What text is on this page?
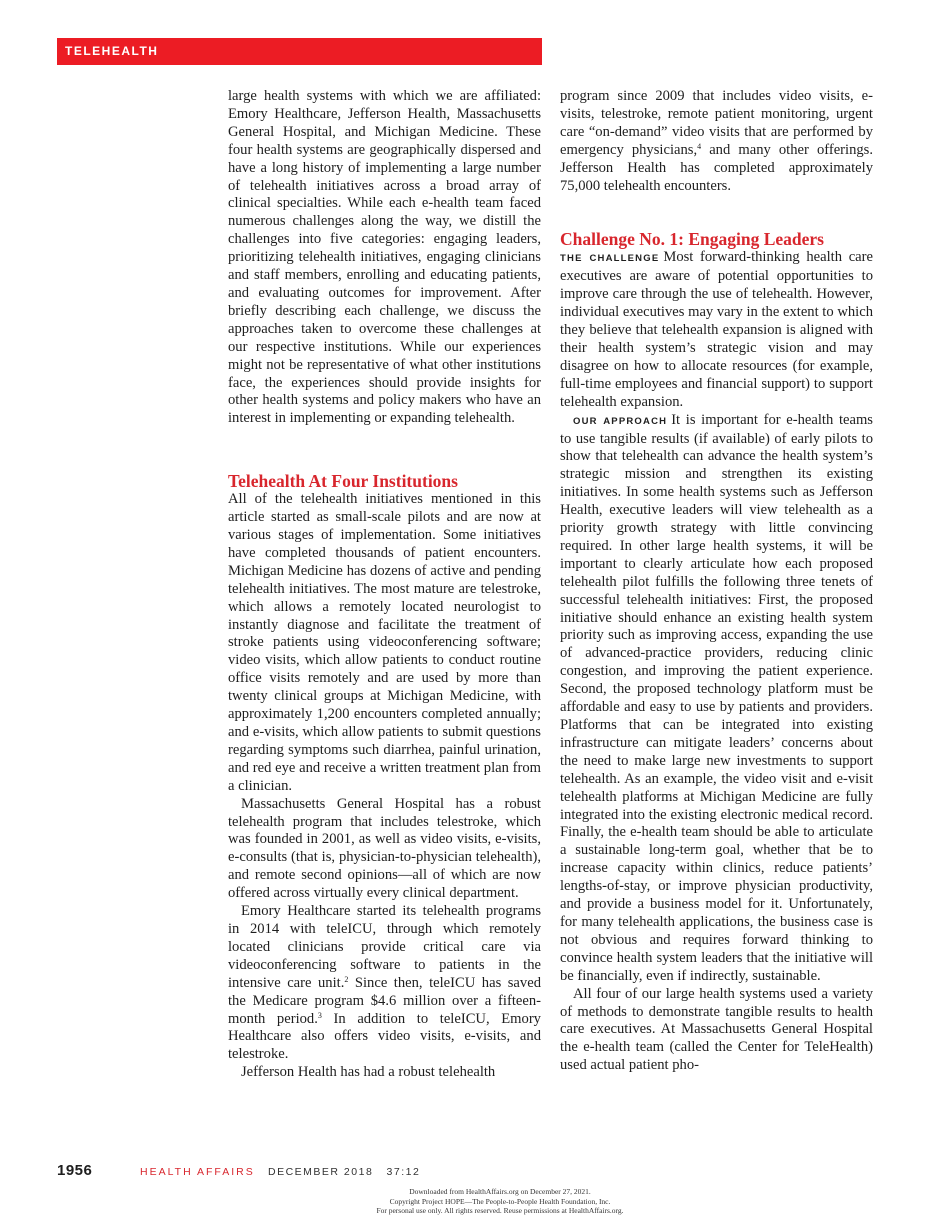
TELEHEALTH

large health systems with which we are affiliated: Emory Healthcare, Jefferson Health, Massachusetts General Hospital, and Michigan Medicine. These four health systems are geographically dispersed and have a long history of implementing a large number of telehealth initiatives across a broad array of clinical specialties. While each e-health team faced numerous challenges along the way, we distill the challenges into five categories: engaging leaders, prioritizing telehealth initiatives, engaging clinicians and staff members, enrolling and educating patients, and evaluating outcomes for improvement. After briefly describing each challenge, we discuss the approaches taken to overcome these challenges at our respective institutions. While our experiences might not be representative of what other institutions face, the experiences should provide insights for other health systems and policy makers who have an interest in implementing or expanding telehealth.

Telehealth At Four Institutions

All of the telehealth initiatives mentioned in this article started as small-scale pilots and are now at various stages of implementation. Some initiatives have completed thousands of patient encounters. Michigan Medicine has dozens of active and pending telehealth initiatives. The most mature are telestroke, which allows a remotely located neurologist to instantly diagnose and facilitate the treatment of stroke patients using videoconferencing software; video visits, which allow patients to conduct routine office visits remotely and are used by more than twenty clinical groups at Michigan Medicine, with approximately 1,200 encounters completed annually; and e-visits, which allow patients to submit questions regarding symptoms such diarrhea, painful urination, and red eye and receive a written treatment plan from a clinician.

Massachusetts General Hospital has a robust telehealth program that includes telestroke, which was founded in 2001, as well as video visits, e-visits, e-consults (that is, physician-to-physician telehealth), and remote second opinions—all of which are now offered across virtually every clinical department.

Emory Healthcare started its telehealth programs in 2014 with teleICU, through which remotely located clinicians provide critical care via videoconferencing software to patients in the intensive care unit.$^2$ Since then, teleICU has saved the Medicare program $4.6 million over a fifteen-month period.$^3$ In addition to teleICU, Emory Healthcare also offers video visits, e-visits, and telestroke.

Jefferson Health has had a robust telehealth

program since 2009 that includes video visits, e-visits, telestroke, remote patient monitoring, urgent care “on-demand” video visits that are performed by emergency physicians,$^4$ and many other offerings. Jefferson Health has completed approximately 75,000 telehealth encounters.

Challenge No. 1: Engaging Leaders

THE CHALLENGE Most forward-thinking health care executives are aware of potential opportunities to improve care through the use of telehealth. However, individual executives may vary in the extent to which they believe that telehealth expansion is aligned with their health system’s strategic vision and may disagree on how to allocate resources (for example, full-time employees and financial support) to support telehealth expansion.

OUR APPROACH It is important for e-health teams to use tangible results (if available) of early pilots to show that telehealth can advance the health system’s strategic mission and strengthen its existing initiatives. In some health systems such as Jefferson Health, executive leaders will view telehealth as a priority growth strategy with little convincing required. In other large health systems, it will be important to clearly articulate how each proposed telehealth pilot fulfills the following three tenets of successful telehealth initiatives: First, the proposed initiative should enhance an existing health system priority such as improving access, expanding the use of advanced-practice providers, reducing clinic congestion, and improving the patient experience. Second, the proposed technology platform must be affordable and easy to use by patients and providers. Platforms that can be integrated into existing infrastructure can mitigate leaders’ concerns about the need to make large new investments to support telehealth. As an example, the video visit and e-visit telehealth platforms at Michigan Medicine are fully integrated into the existing electronic medical record. Finally, the e-health team should be able to articulate a sustainable long-term goal, whether that be to increase capacity within clinics, reduce patients’ lengths-of-stay, or improve physician productivity, and provide a business model for it. Unfortunately, for many telehealth applications, the business case is not obvious and requires forward thinking to convince health system leaders that the initiative will be financially, even if indirectly, sustainable.

All four of our large health systems used a variety of methods to demonstrate tangible results to health care executives. At Massachusetts General Hospital the e-health team (called the Center for TeleHealth) used actual patient pho-

1956	HEALTH AFFAIRS DECEMBER 2018   37:12
Downloaded from HealthAffairs.org on December 27, 2021.
Copyright Project HOPE—The People-to-People Health Foundation, Inc.
For personal use only. All rights reserved. Reuse permissions at HealthAffairs.org.
